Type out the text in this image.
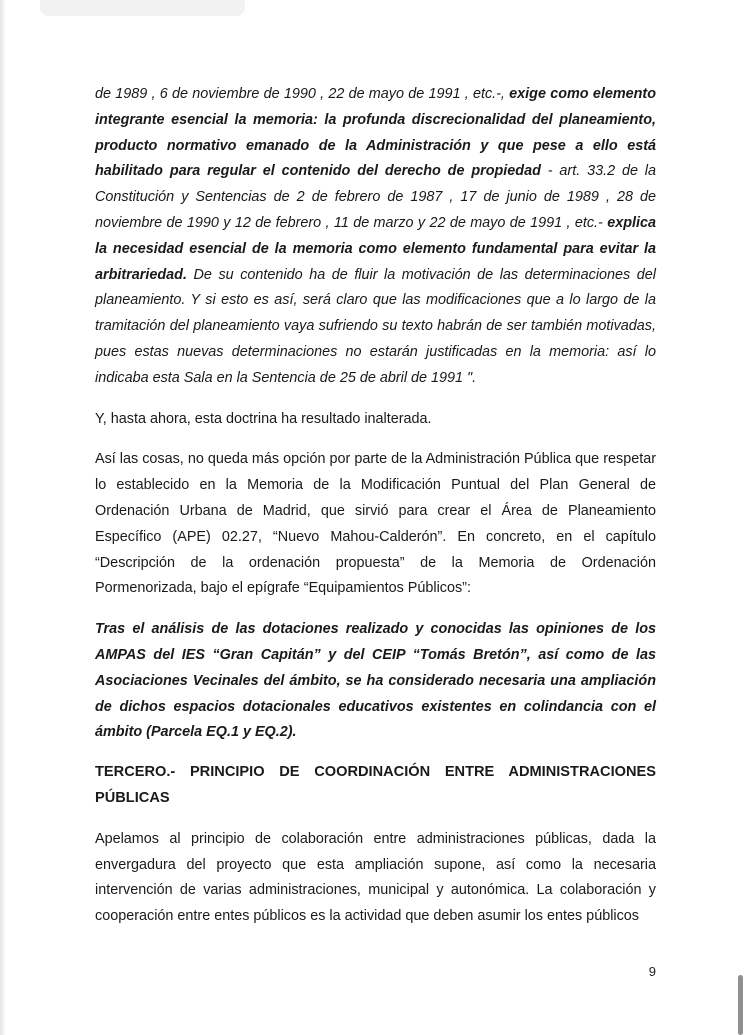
de 1989 , 6 de noviembre de 1990 , 22 de mayo de 1991 , etc.-, exige como elemento integrante esencial la memoria: la profunda discrecionalidad del planeamiento, producto normativo emanado de la Administración y que pese a ello está habilitado para regular el contenido del derecho de propiedad - art. 33.2 de la Constitución y Sentencias de 2 de febrero de 1987 , 17 de junio de 1989 , 28 de noviembre de 1990 y 12 de febrero , 11 de marzo y 22 de mayo de 1991 , etc.- explica la necesidad esencial de la memoria como elemento fundamental para evitar la arbitrariedad. De su contenido ha de fluir la motivación de las determinaciones del planeamiento. Y si esto es así, será claro que las modificaciones que a lo largo de la tramitación del planeamiento vaya sufriendo su texto habrán de ser también motivadas, pues estas nuevas determinaciones no estarán justificadas en la memoria: así lo indicaba esta Sala en la Sentencia de 25 de abril de 1991 ".

Y, hasta ahora, esta doctrina ha resultado inalterada.

Así las cosas, no queda más opción por parte de la Administración Pública que respetar lo establecido en la Memoria de la Modificación Puntual del Plan General de Ordenación Urbana de Madrid, que sirvió para crear el Área de Planeamiento Específico (APE) 02.27, “Nuevo Mahou-Calderón”. En concreto, en el capítulo “Descripción de la ordenación propuesta” de la Memoria de Ordenación Pormenorizada, bajo el epígrafe “Equipamientos Públicos”:

Tras el análisis de las dotaciones realizado y conocidas las opiniones de los AMPAS del IES “Gran Capitán” y del CEIP “Tomás Bretón”, así como de las Asociaciones Vecinales del ámbito, se ha considerado necesaria una ampliación de dichos espacios dotacionales educativos existentes en colindancia con el ámbito (Parcela EQ.1 y EQ.2).

TERCERO.- PRINCIPIO DE COORDINACIÓN ENTRE ADMINISTRACIONES PÚBLICAS

Apelamos al principio de colaboración entre administraciones públicas, dada la envergadura del proyecto que esta ampliación supone, así como la necesaria intervención de varias administraciones, municipal y autonómica. La colaboración y cooperación entre entes públicos es la actividad que deben asumir los entes públicos

9
